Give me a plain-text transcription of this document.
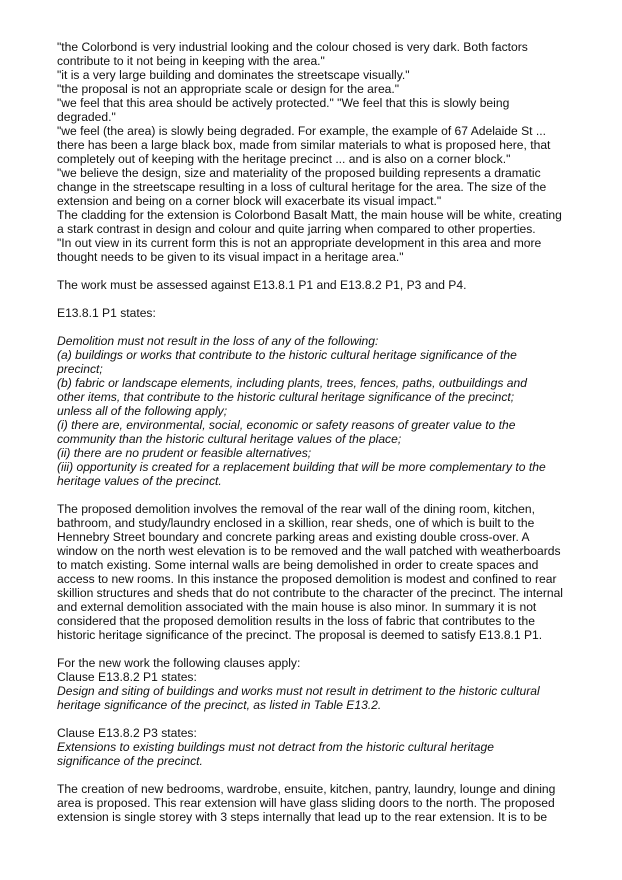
"the Colorbond is very industrial looking and the colour chosed is very dark. Both factors
contribute to it not being in keeping with the area."
"it is a very large building and dominates the streetscape visually."
"the proposal is not an appropriate scale or design for the area."
"we feel that this area should be actively protected." "We feel that this is slowly being
degraded."
"we feel (the area) is slowly being degraded. For example, the example of 67 Adelaide St ...
there has been a large black box, made from similar materials to what is proposed here, that
completely out of keeping with the heritage precinct ... and is also on a corner block."
"we believe the design, size and materiality of the proposed building represents a dramatic
change in the streetscape resulting in a loss of cultural heritage for the area. The size of the
extension and being on a corner block will exacerbate its visual impact."
The cladding for the extension is Colorbond Basalt Matt, the main house will be white, creating
a stark contrast in design and colour and quite jarring when compared to other properties.
"In out view in its current form this is not an appropriate development in this area and more
thought needs to be given to its visual impact in a heritage area."
The work must be assessed against E13.8.1 P1 and E13.8.2 P1, P3 and P4.
E13.8.1 P1 states:
Demolition must not result in the loss of any of the following:
(a) buildings or works that contribute to the historic cultural heritage significance of the
precinct;
(b) fabric or landscape elements, including plants, trees, fences, paths, outbuildings and
other items, that contribute to the historic cultural heritage significance of the precinct;
unless all of the following apply;
(i) there are, environmental, social, economic or safety reasons of greater value to the
community than the historic cultural heritage values of the place;
(ii) there are no prudent or feasible alternatives;
(iii) opportunity is created for a replacement building that will be more complementary to the
heritage values of the precinct.
The proposed demolition involves the removal of the rear wall of the dining room, kitchen,
bathroom, and study/laundry enclosed in a skillion, rear sheds, one of which is built to the
Hennebry Street boundary and concrete parking areas and existing double cross-over. A
window on the north west elevation is to be removed and the wall patched with weatherboards
to match existing. Some internal walls are being demolished in order to create spaces and
access to new rooms. In this instance the proposed demolition is modest and confined to rear
skillion structures and sheds that do not contribute to the character of the precinct. The internal
and external demolition associated with the main house is also minor. In summary it is not
considered that the proposed demolition results in the loss of fabric that contributes to the
historic heritage significance of the precinct. The proposal is deemed to satisfy E13.8.1 P1.
For the new work the following clauses apply:
Clause E13.8.2 P1 states:
Design and siting of buildings and works must not result in detriment to the historic cultural
heritage significance of the precinct, as listed in Table E13.2.
Clause E13.8.2 P3 states:
Extensions to existing buildings must not detract from the historic cultural heritage
significance of the precinct.
The creation of new bedrooms, wardrobe, ensuite, kitchen, pantry, laundry, lounge and dining
area is proposed. This rear extension will have glass sliding doors to the north. The proposed
extension is single storey with 3 steps internally that lead up to the rear extension. It is to be
